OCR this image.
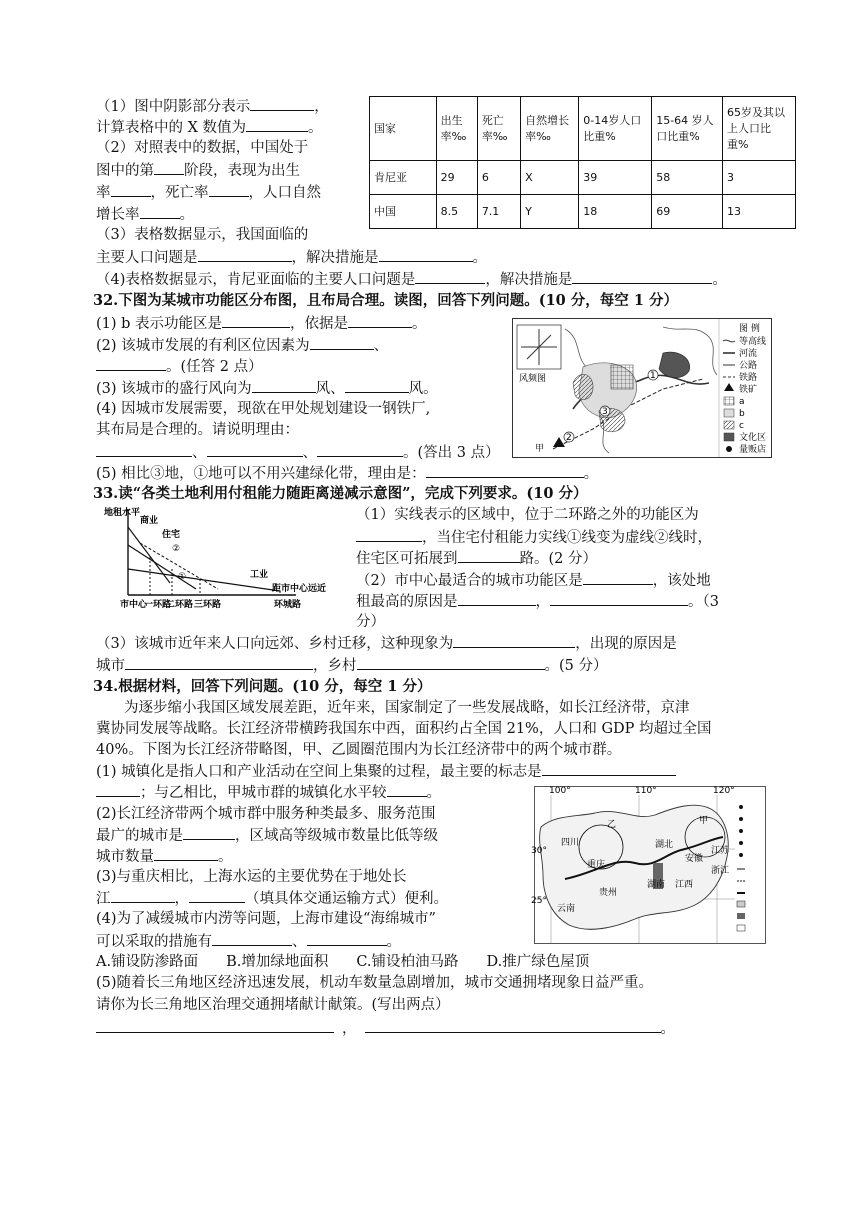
（1）图中阴影部分表示	，
计算表格中的 X 数值为	。
（2）对照表中的数据，中国处于
图中的第 阶段，表现为出生
率	，死亡率	，人口自然
增长率	。
（3）表格数据显示，我国面临的
主要人口问题是	，解决措施是	。
（4)表格数据显示，肯尼亚面临的主要人口问题是	，解决措施是	。
国家	出生率‰	死亡率‰	自然增长率‰	0-14岁人口比重%	15-64 岁人口比重%	65岁及其以上人口比重%
肯尼亚	29	6	X	39	58	3
中国	8.5	7.1	Y	18	69	13
32.下图为某城市功能区分布图，且布局合理。读图，回答下列问题。(10 分，每空 1 分）
(1) b 表示功能区是	，依据是	。
(2) 该城市发展的有利区位因素为	、
。(任答 2 点）
(3) 该城市的盛行风向为	风、	风。
(4) 因城市发展需要，现欲在甲处规划建设一钢铁厂,
其布局是合理的。请说明理由：
、	、	。(答出 3 点）
(5) 相比③地，①地可以不用兴建绿化带，理由是：	。
风频图	1
3
2
甲
图 例
等高线
河流
公路
铁路
铁矿
a
b
c
文化区
量贩店
33.读“各类土地利用付租能力随距离递减示意图”，完成下列要求。(10 分）
地租水平
商业
住宅
②
①	工业
距市中心远近
市中心
一环路
二环路 三环路	环城路
（1）实线表示的区域中，位于二环路之外的功能区为
，当住宅付租能力实线①线变为虚线②线时，
住宅区可拓展到	路。(2 分）
（2）市中心最适合的城市功能区是	，该处地
租最高的原因是	，	。（3
分）
（3）该城市近年来人口向远郊、乡村迁移，这种现象为	，出现的原因是
城市	，乡村	。(5 分）
34.根据材料，回答下列问题。(10 分，每空 1 分）
为逐步缩小我国区域发展差距，近年来，国家制定了一些发展战略，如长江经济带，京津
冀协同发展等战略。长江经济带横跨我国东中西，面积约占全国 21%，人口和 GDP 均超过全国
40%。下图为长江经济带略图，甲、乙圆圈范围内为长江经济带中的两个城市群。
(1) 城镇化是指人口和产业活动在空间上集聚的过程，最主要的标志是
；与乙相比，甲城市群的城镇化水平较	。
(2)长江经济带两个城市群中服务种类最多、服务范围
最广的城市是	，区域高等级城市数量比低等级
城市数量	。
(3)与重庆相比，上海水运的主要优势在于地处长
江	，	（填具体交通运输方式）便利。
(4)为了减缓城市内涝等问题，上海市建设“海绵城市”
可以采取的措施有	、	。
A.铺设防渗路面 B.增加绿地面积 C.铺设柏油马路 D.推广绿色屋顶
(5)随着长三角地区经济迅速发展，机动车数量急剧增加，城市交通拥堵现象日益严重。
请你为长三角地区治理交通拥堵献计献策。(写出两点）
，	。
100°	110°	120°
30°
25°
乙	甲
四川
重庆
贵州
云南
湖北
湖南 江西
安徽
江苏
浙江
